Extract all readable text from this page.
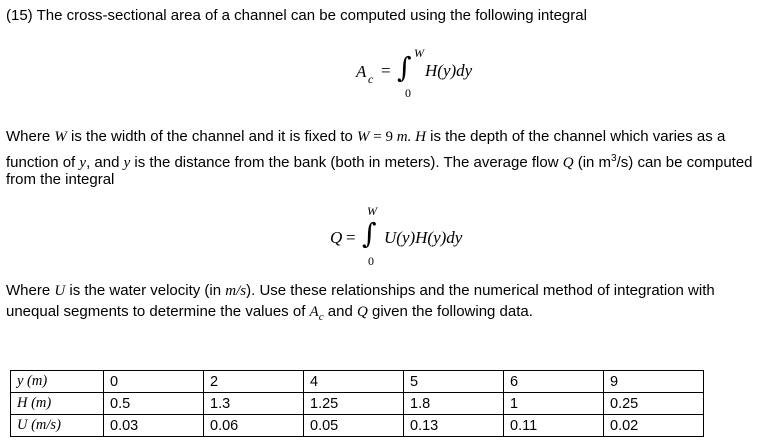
(15) The cross-sectional area of a channel can be computed using the following integral
A c = ∫ W
0
H(y)dy
Where W is the width of the channel and it is fixed to W = 9 m. H is the depth of the channel which varies as a
function of y, and y is the distance from the bank (both in meters). The average flow Q (in $m^3/s$) can be computed
from the integral
Q = ∫
W
0
U(y)H(y)dy
Where U is the water velocity (in m/s). Use these relationships and the numerical method of integration with
unequal segments to determine the values of $A_c$ and Q given the following data.
y (m)	0	2	4	5	6	9
H (m)	0.5	1.3	1.25	1.8	1	0.25
U (m/s)	0.03	0.06	0.05	0.13	0.11	0.02
